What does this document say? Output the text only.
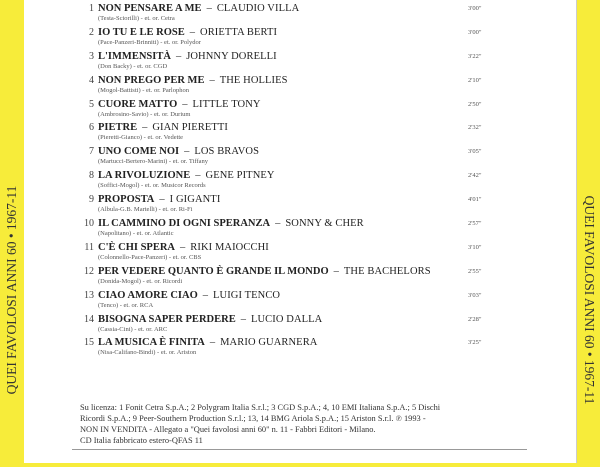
QUEI FAVOLOSI ANNI 60 • 1967-11	QUEI FAVOLOSI ANNI 60 • 1967-11
1 NON PENSARE A ME – CLAUDIO VILLA
(Testa-Sciorilli) - et. or. Cetra
3'00"
2 IO TU E LE ROSE – ORIETTA BERTI
(Pace-Panzeri-Brinniti) - et. or. Polydor
3'00"
3 L'IMMENSITÀ – JOHNNY DORELLI
(Don Backy) - et. or. CGD
3'22"
4 NON PREGO PER ME – THE HOLLIES
(Mogol-Battisti) - et. or. Parlophon
2'10"
5 CUORE MATTO – LITTLE TONY
(Ambrosino-Savio) - et. or. Durium
2'50"
6 PIETRE – GIAN PIERETTI
(Pieretti-Gianco) - et. or. Vedette
2'32"
7 UNO COME NOI – LOS BRAVOS
(Martucci-Bertero-Marini) - et. or. Tiffany
3'05"
8 LA RIVOLUZIONE – GENE PITNEY
(Soffici-Mogol) - et. or. Musicor Records
2'42"
9 PROPOSTA – I GIGANTI
(Albula-G.B. Martelli) - et. or. Ri-Fi
4'01"
10 IL CAMMINO DI OGNI SPERANZA – SONNY & CHER
(Napolitano) - et. or. Atlantic
2'57"
11 C'È CHI SPERA – RIKI MAIOCCHI
(Colonnello-Pace-Panzeri) - et. or. CBS
3'10"
12 PER VEDERE QUANTO È GRANDE IL MONDO – THE BACHELORS
(Donida-Mogol) - et. or. Ricordi
2'55"
13 CIAO AMORE CIAO – LUIGI TENCO
(Tenco) - et. or. RCA
3'03"
14 BISOGNA SAPER PERDERE – LUCIO DALLA
(Cassia-Cini) - et. or. ARC
2'28"
15 LA MUSICA È FINITA – MARIO GUARNERA
(Nisa-Califano-Bindi) - et. or. Ariston
3'25"
Su licenza: 1 Fonit Cetra S.p.A.; 2 Polygram Italia S.r.l.; 3 CGD S.p.A.; 4, 10 EMI Italiana S.p.A.; 5 Dischi
Ricordi S.p.A.; 9 Peer-Southern Production S.r.l.; 13, 14 BMG Ariola S.p.A.; 15 Ariston S.r.l. ℗ 1993 -
NON IN VENDITA - Allegato a "Quei favolosi anni 60" n. 11 - Fabbri Editori - Milano.
CD Italia fabbricato estero-QFAS 11
